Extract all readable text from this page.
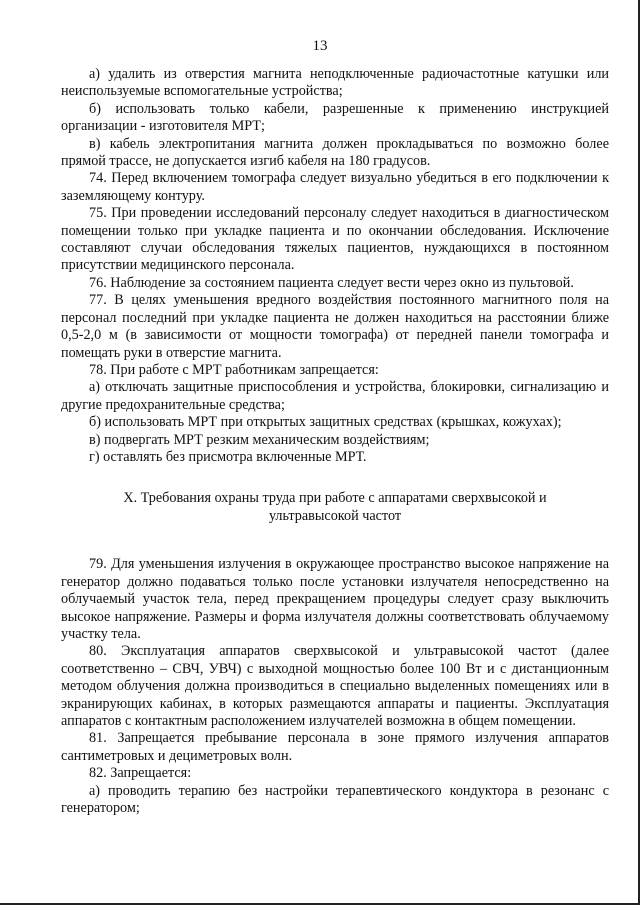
13

а) удалить из отверстия магнита неподключенные радиочастотные катушки или неиспользуемые вспомогательные устройства;

б) использовать только кабели, разрешенные к применению инструкцией организации - изготовителя МРТ;

в) кабель электропитания магнита должен прокладываться по возможно более прямой трассе, не допускается изгиб кабеля на 180 градусов.

74. Перед включением томографа следует визуально убедиться в его подключении к заземляющему контуру.

75. При проведении исследований персоналу следует находиться в диагностическом помещении только при укладке пациента и по окончании обследования. Исключение составляют случаи обследования тяжелых пациентов, нуждающихся в постоянном присутствии медицинского персонала.

76. Наблюдение за состоянием пациента следует вести через окно из пультовой.

77. В целях уменьшения вредного воздействия постоянного магнитного поля на персонал последний при укладке пациента не должен находиться на расстоянии ближе 0,5-2,0 м (в зависимости от мощности томографа) от передней панели томографа и помещать руки в отверстие магнита.

78. При работе с МРТ работникам запрещается:

а) отключать защитные приспособления и устройства, блокировки, сигнализацию и другие предохранительные средства;

б) использовать МРТ при открытых защитных средствах (крышках, кожухах);

в) подвергать МРТ резким механическим воздействиям;

г) оставлять без присмотра включенные МРТ.

X. Требования охраны труда при работе с аппаратами сверхвысокой и ультравысокой частот

79. Для уменьшения излучения в окружающее пространство высокое напряжение на генератор должно подаваться только после установки излучателя непосредственно на облучаемый участок тела, перед прекращением процедуры следует сразу выключить высокое напряжение. Размеры и форма излучателя должны соответствовать облучаемому участку тела.

80. Эксплуатация аппаратов сверхвысокой и ультравысокой частот (далее соответственно – СВЧ, УВЧ) с выходной мощностью более 100 Вт и с дистанционным методом облучения должна производиться в специально выделенных помещениях или в экранирующих кабинах, в которых размещаются аппараты и пациенты. Эксплуатация аппаратов с контактным расположением излучателей возможна в общем помещении.

81. Запрещается пребывание персонала в зоне прямого излучения аппаратов сантиметровых и дециметровых волн.

82. Запрещается:

а) проводить терапию без настройки терапевтического кондуктора в резонанс с генератором;
